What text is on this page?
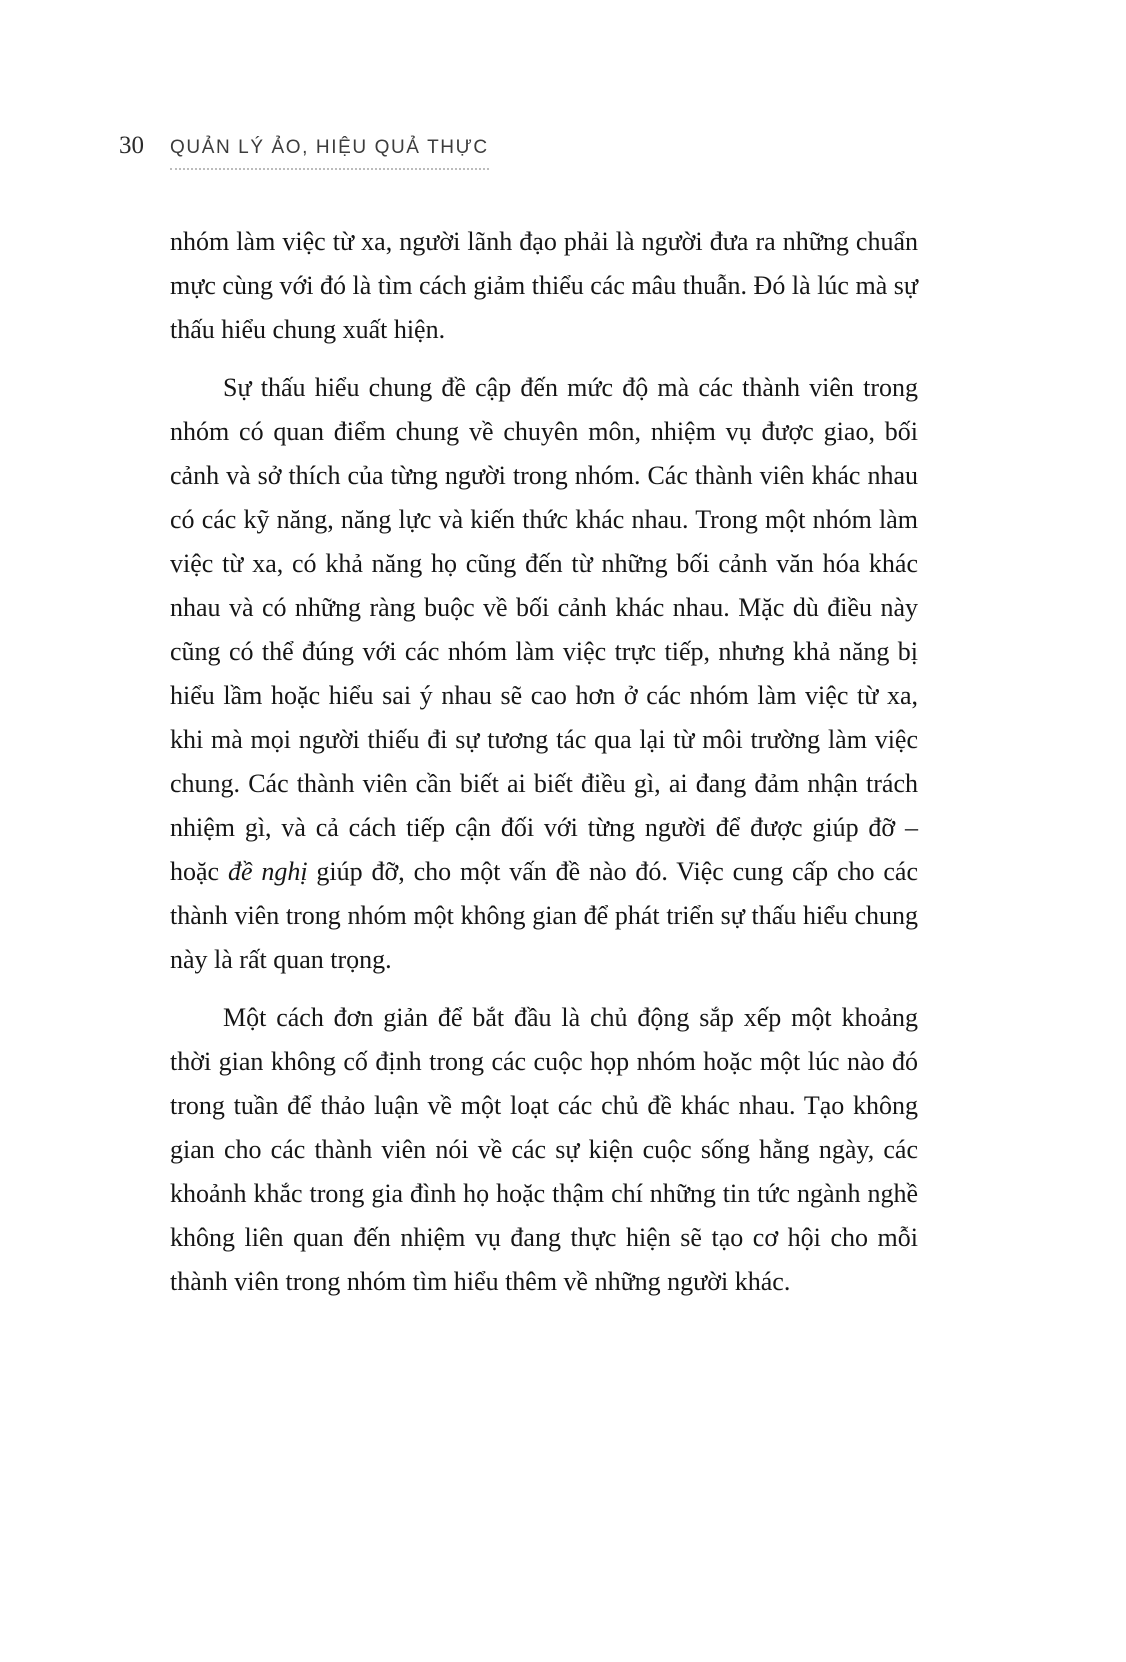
30	QUẢN LÝ ẢO, HIỆU QUẢ THỰC

nhóm làm việc từ xa, người lãnh đạo phải là người đưa ra những chuẩn mực cùng với đó là tìm cách giảm thiểu các mâu thuẫn. Đó là lúc mà sự thấu hiểu chung xuất hiện.

Sự thấu hiểu chung đề cập đến mức độ mà các thành viên trong nhóm có quan điểm chung về chuyên môn, nhiệm vụ được giao, bối cảnh và sở thích của từng người trong nhóm. Các thành viên khác nhau có các kỹ năng, năng lực và kiến thức khác nhau. Trong một nhóm làm việc từ xa, có khả năng họ cũng đến từ những bối cảnh văn hóa khác nhau và có những ràng buộc về bối cảnh khác nhau. Mặc dù điều này cũng có thể đúng với các nhóm làm việc trực tiếp, nhưng khả năng bị hiểu lầm hoặc hiểu sai ý nhau sẽ cao hơn ở các nhóm làm việc từ xa, khi mà mọi người thiếu đi sự tương tác qua lại từ môi trường làm việc chung. Các thành viên cần biết ai biết điều gì, ai đang đảm nhận trách nhiệm gì, và cả cách tiếp cận đối với từng người để được giúp đỡ – hoặc đề nghị giúp đỡ, cho một vấn đề nào đó. Việc cung cấp cho các thành viên trong nhóm một không gian để phát triển sự thấu hiểu chung này là rất quan trọng.

Một cách đơn giản để bắt đầu là chủ động sắp xếp một khoảng thời gian không cố định trong các cuộc họp nhóm hoặc một lúc nào đó trong tuần để thảo luận về một loạt các chủ đề khác nhau. Tạo không gian cho các thành viên nói về các sự kiện cuộc sống hằng ngày, các khoảnh khắc trong gia đình họ hoặc thậm chí những tin tức ngành nghề không liên quan đến nhiệm vụ đang thực hiện sẽ tạo cơ hội cho mỗi thành viên trong nhóm tìm hiểu thêm về những người khác.
